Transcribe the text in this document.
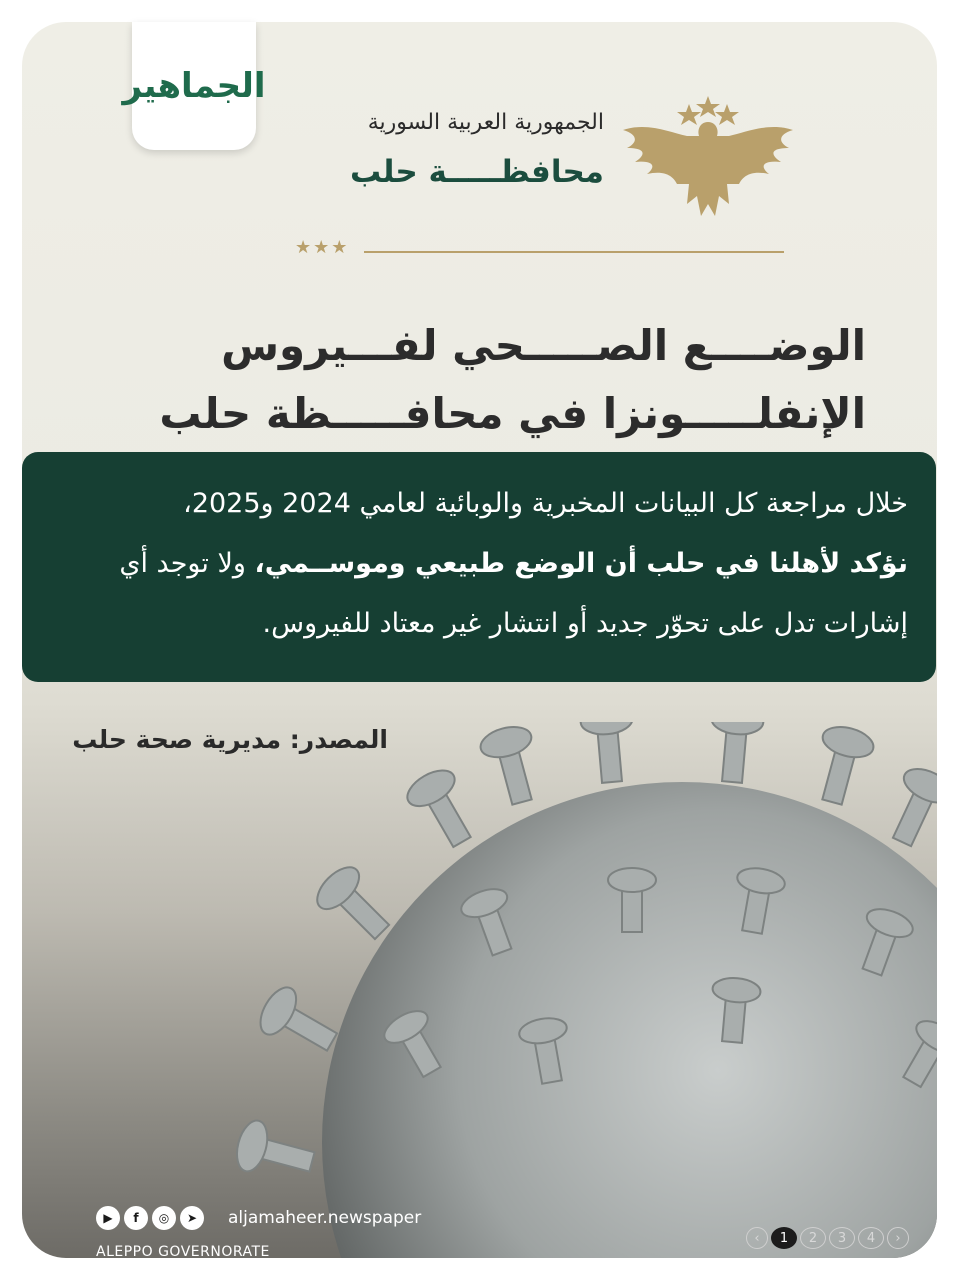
الجمهورية العربية السورية
محافظـــــة حلب
★★★
الوضــــع الصـــــحي لفـــيروس
الإنفلـــــونزا في محافـــــظة حلب
المصدر: مديرية صحة حلب
▶	f	◎	➤	aljamaheer.newspaper
ALEPPO GOVERNORATE
‹	1	2	3	4	›
الجماهير
خلال مراجعة كل البيانات المخبرية والوبائية لعامي 2024 و2025،
نؤكد لأهلنا في حلب أن الوضع طبيعي وموســمي، ولا توجد أي
إشارات تدل على تحوّر جديد أو انتشار غير معتاد للفيروس.
